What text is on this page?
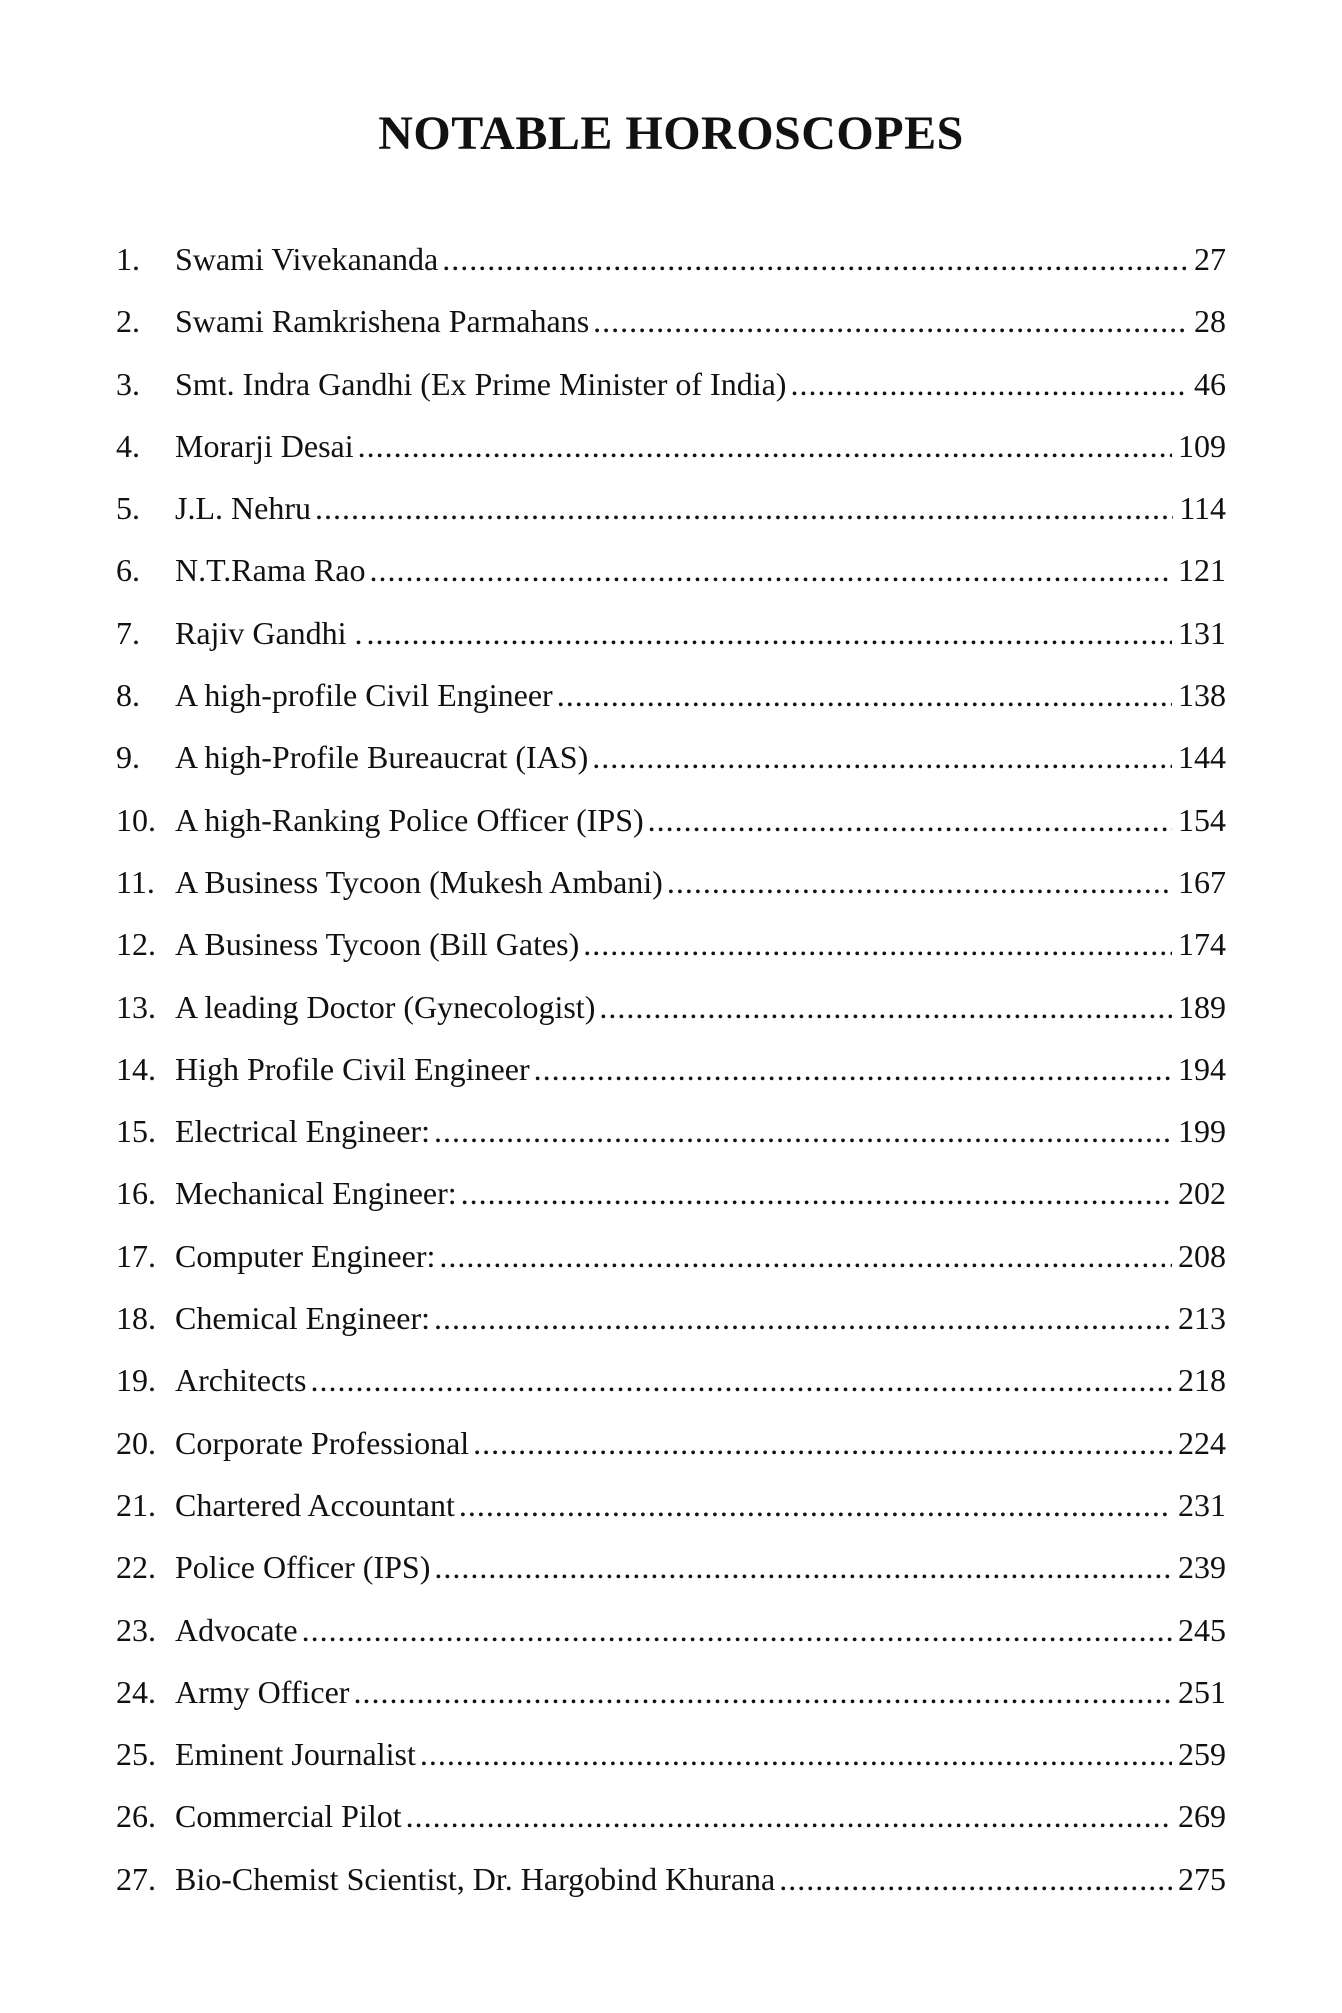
NOTABLE HOROSCOPES
1.	Swami Vivekananda .....	27
2.	Swami Ramkrishena Parmahans .....	28
3.	Smt. Indra Gandhi (Ex Prime Minister of India) .....	46
4.	Morarji Desai .....	109
5.	J.L. Nehru .....	114
6.	N.T.Rama Rao .....	121
7.	Rajiv Gandhi . .....	131
8.	A high-profile Civil Engineer .....	138
9.	A high-Profile Bureaucrat (IAS) .....	144
10. A high-Ranking Police Officer (IPS) .....	154
11. A Business Tycoon (Mukesh Ambani) .....	167
12. A Business Tycoon (Bill Gates) .....	174
13. A leading Doctor (Gynecologist) .....	189
14. High Profile Civil Engineer .....	194
15. Electrical Engineer: .....	199
16. Mechanical Engineer: .....	202
17. Computer Engineer: .....	208
18. Chemical Engineer: .....	213
19. Architects .....	218
20. Corporate Professional .....	224
21. Chartered Accountant .....	231
22. Police Officer (IPS) .....	239
23. Advocate .....	245
24. Army Officer .....	251
25. Eminent Journalist .....	259
26. Commercial Pilot .....	269
27. Bio-Chemist Scientist, Dr. Hargobind Khurana .....	275
